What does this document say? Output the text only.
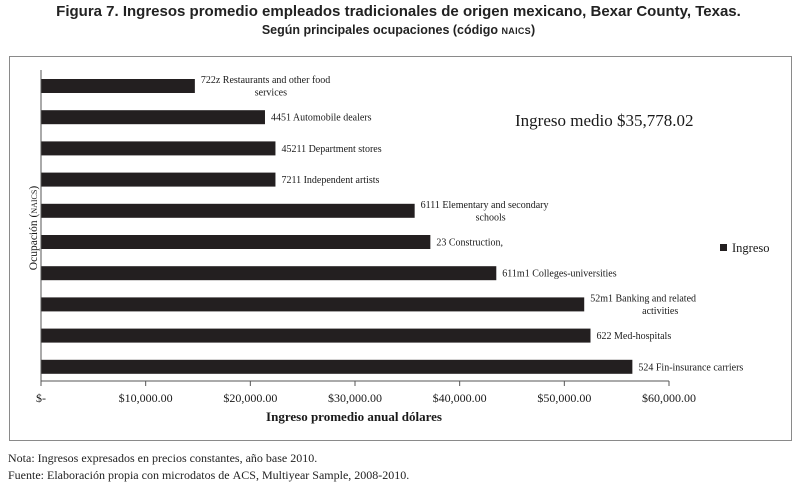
Figura 7. Ingresos promedio empleados tradicionales de origen mexicano, Bexar County, Texas.
Según principales ocupaciones (código NAICS)
722z Restaurants and other food services
4451 Automobile dealers
45211 Department stores
7211 Independent artists
6111 Elementary and secondary schools
23 Construction,
611m1 Colleges-universities
52m1 Banking and related activities
622 Med-hospitals
524 Fin-insurance carriers
$-	$10,000.00	$20,000.00	$30,000.00	$40,000.00	$50,000.00	$60,000.00
Ingreso promedio anual dólares
Ocupación (NAICS)
Ingreso medio $35,778.02
Ingreso
Nota: Ingresos expresados en precios constantes, año base 2010.
Fuente: Elaboración propia con microdatos de ACS, Multiyear Sample, 2008-2010.
